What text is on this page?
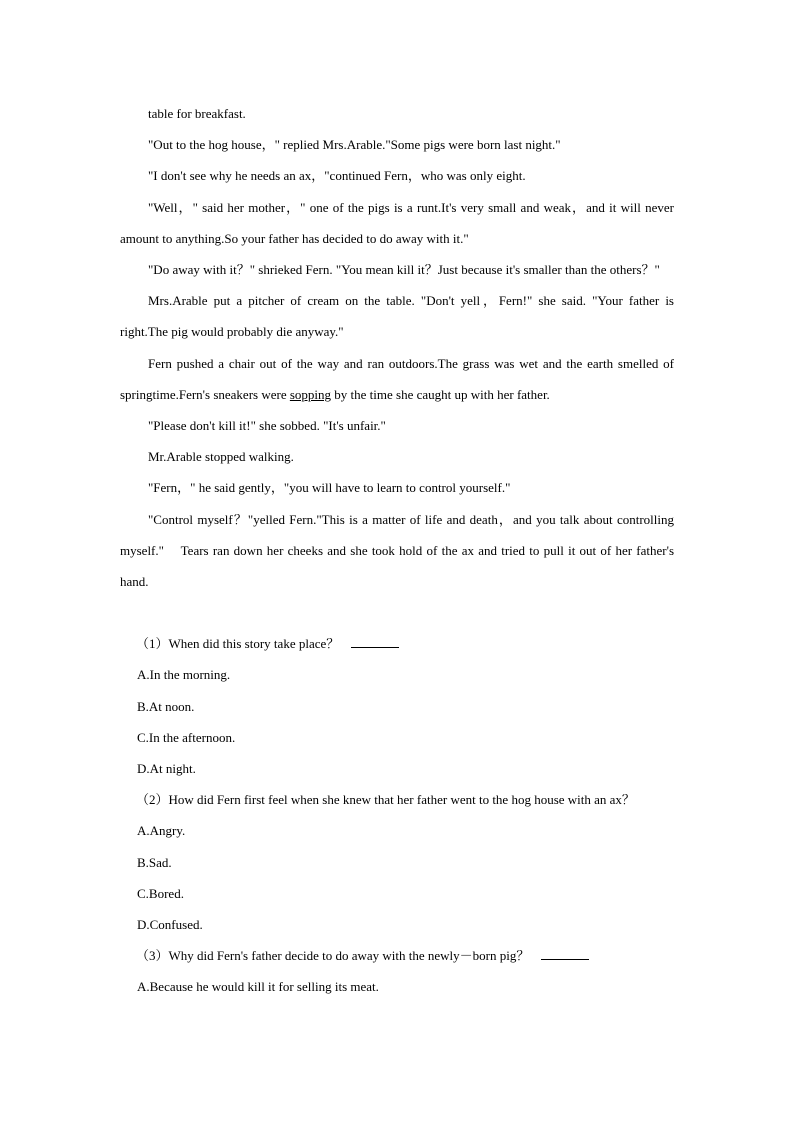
table for breakfast.

"Out to the hog house，" replied Mrs.Arable."Some pigs were born last night."

"I don't see why he needs an ax，"continued Fern，who was only eight.

"Well，" said her mother，" one of the pigs is a runt.It's very small and weak，and it will never amount to anything.So your father has decided to do away with it."

"Do away with it？" shrieked Fern. "You mean kill it？Just because it's smaller than the others？"

Mrs.Arable put a pitcher of cream on the table. "Don't yell，Fern!" she said. "Your father is right.The pig would probably die anyway."

Fern pushed a chair out of the way and ran outdoors.The grass was wet and the earth smelled of springtime.Fern's sneakers were sopping by the time she caught up with her father.

"Please don't kill it!" she sobbed. "It's unfair."

Mr.Arable stopped walking.

"Fern，" he said gently，"you will have to learn to control yourself."

"Control myself？"yelled Fern."This is a matter of life and death，and you talk about controlling myself."    Tears ran down her cheeks and she took hold of the ax and tried to pull it out of her father's hand.

（1）When did this story take place？

A.In the morning.

B.At noon.

C.In the afternoon.

D.At night.

（2）How did Fern first feel when she knew that her father went to the hog house with an ax？

A.Angry.

B.Sad.

C.Bored.

D.Confused.

（3）Why did Fern's father decide to do away with the newly－born pig？

A.Because he would kill it for selling its meat.
